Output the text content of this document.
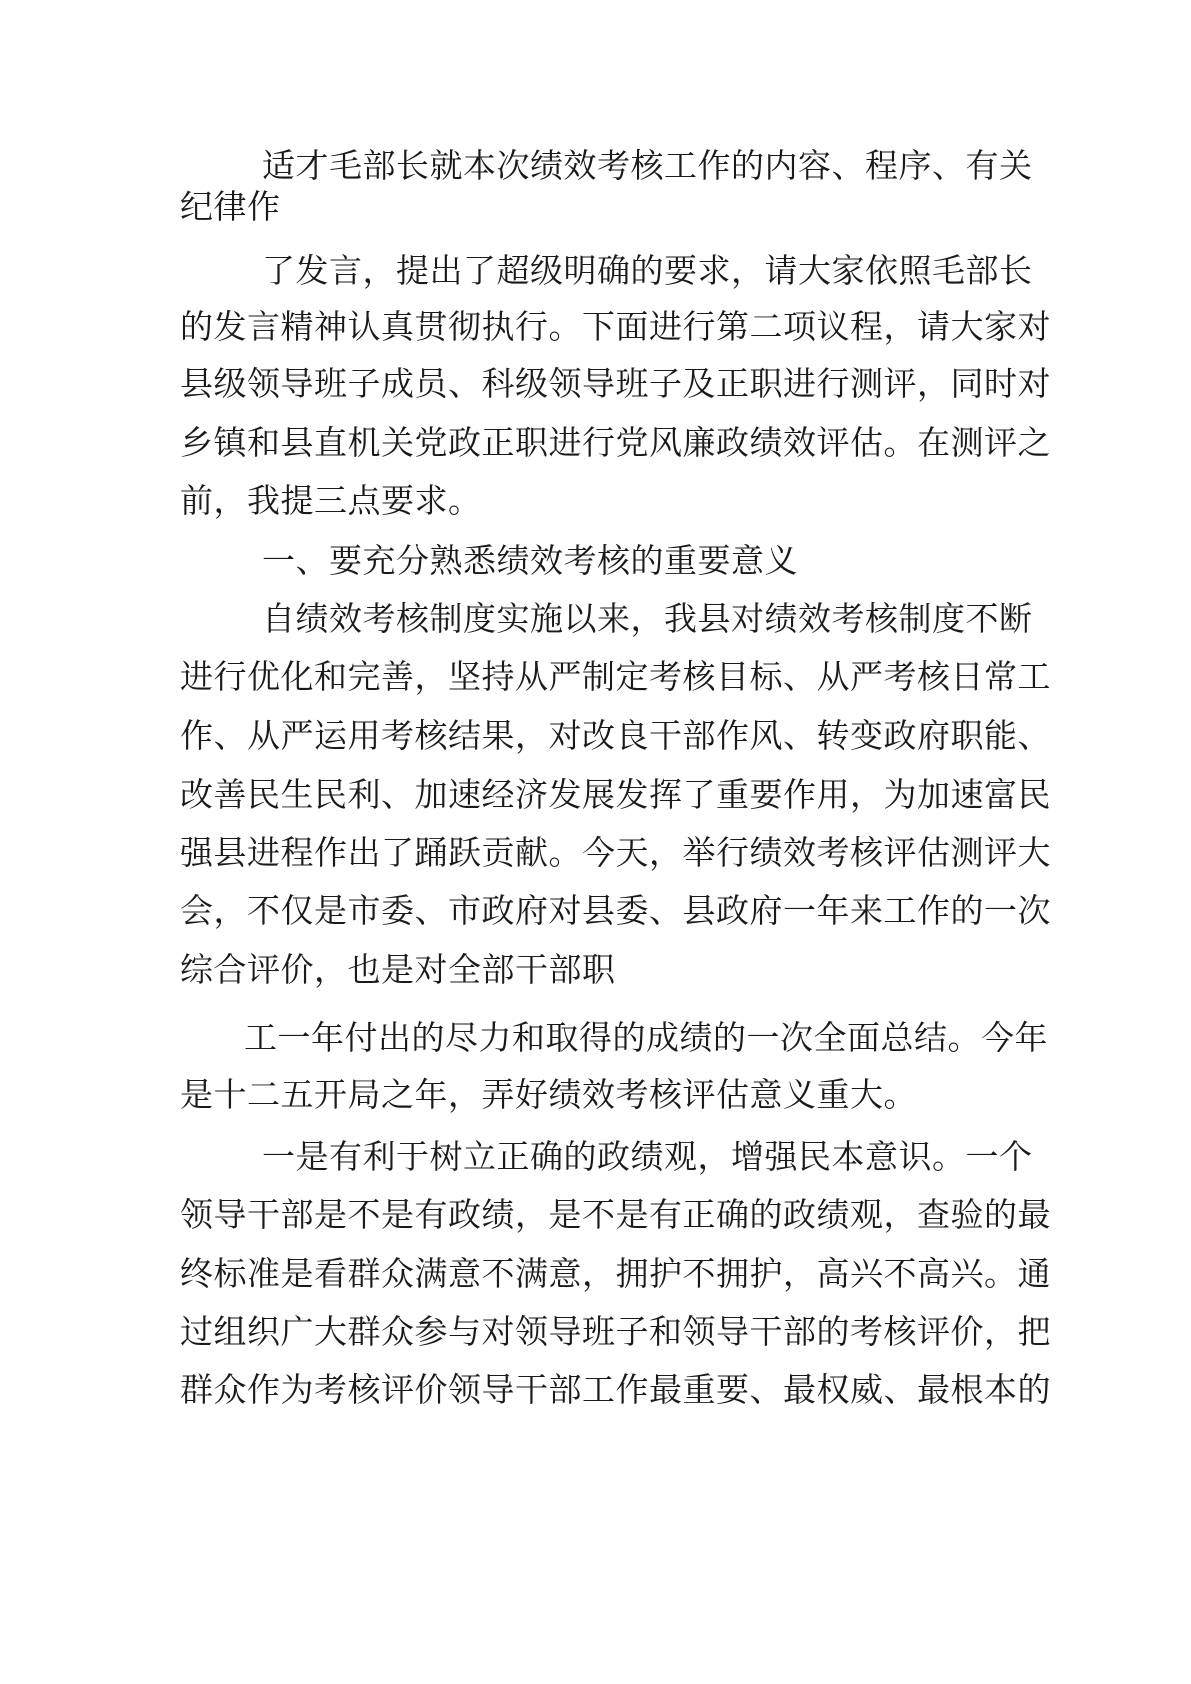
适才毛部长就本次绩效考核工作的内容、程序、有关
纪律作
了发言，提出了超级明确的要求，请大家依照毛部长
的发言精神认真贯彻执行。下面进行第二项议程，请大家对
县级领导班子成员、科级领导班子及正职进行测评，同时对
乡镇和县直机关党政正职进行党风廉政绩效评估。在测评之
前，我提三点要求。
一、要充分熟悉绩效考核的重要意义
自绩效考核制度实施以来，我县对绩效考核制度不断
进行优化和完善，坚持从严制定考核目标、从严考核日常工
作、从严运用考核结果，对改良干部作风、转变政府职能、
改善民生民利、加速经济发展发挥了重要作用，为加速富民
强县进程作出了踊跃贡献。今天，举行绩效考核评估测评大
会，不仅是市委、市政府对县委、县政府一年来工作的一次
综合评价，也是对全部干部职
工一年付出的尽力和取得的成绩的一次全面总结。今年
是十二五开局之年，弄好绩效考核评估意义重大。
一是有利于树立正确的政绩观，增强民本意识。一个
领导干部是不是有政绩，是不是有正确的政绩观，查验的最
终标准是看群众满意不满意，拥护不拥护，高兴不高兴。通
过组织广大群众参与对领导班子和领导干部的考核评价，把
群众作为考核评价领导干部工作最重要、最权威、最根本的
